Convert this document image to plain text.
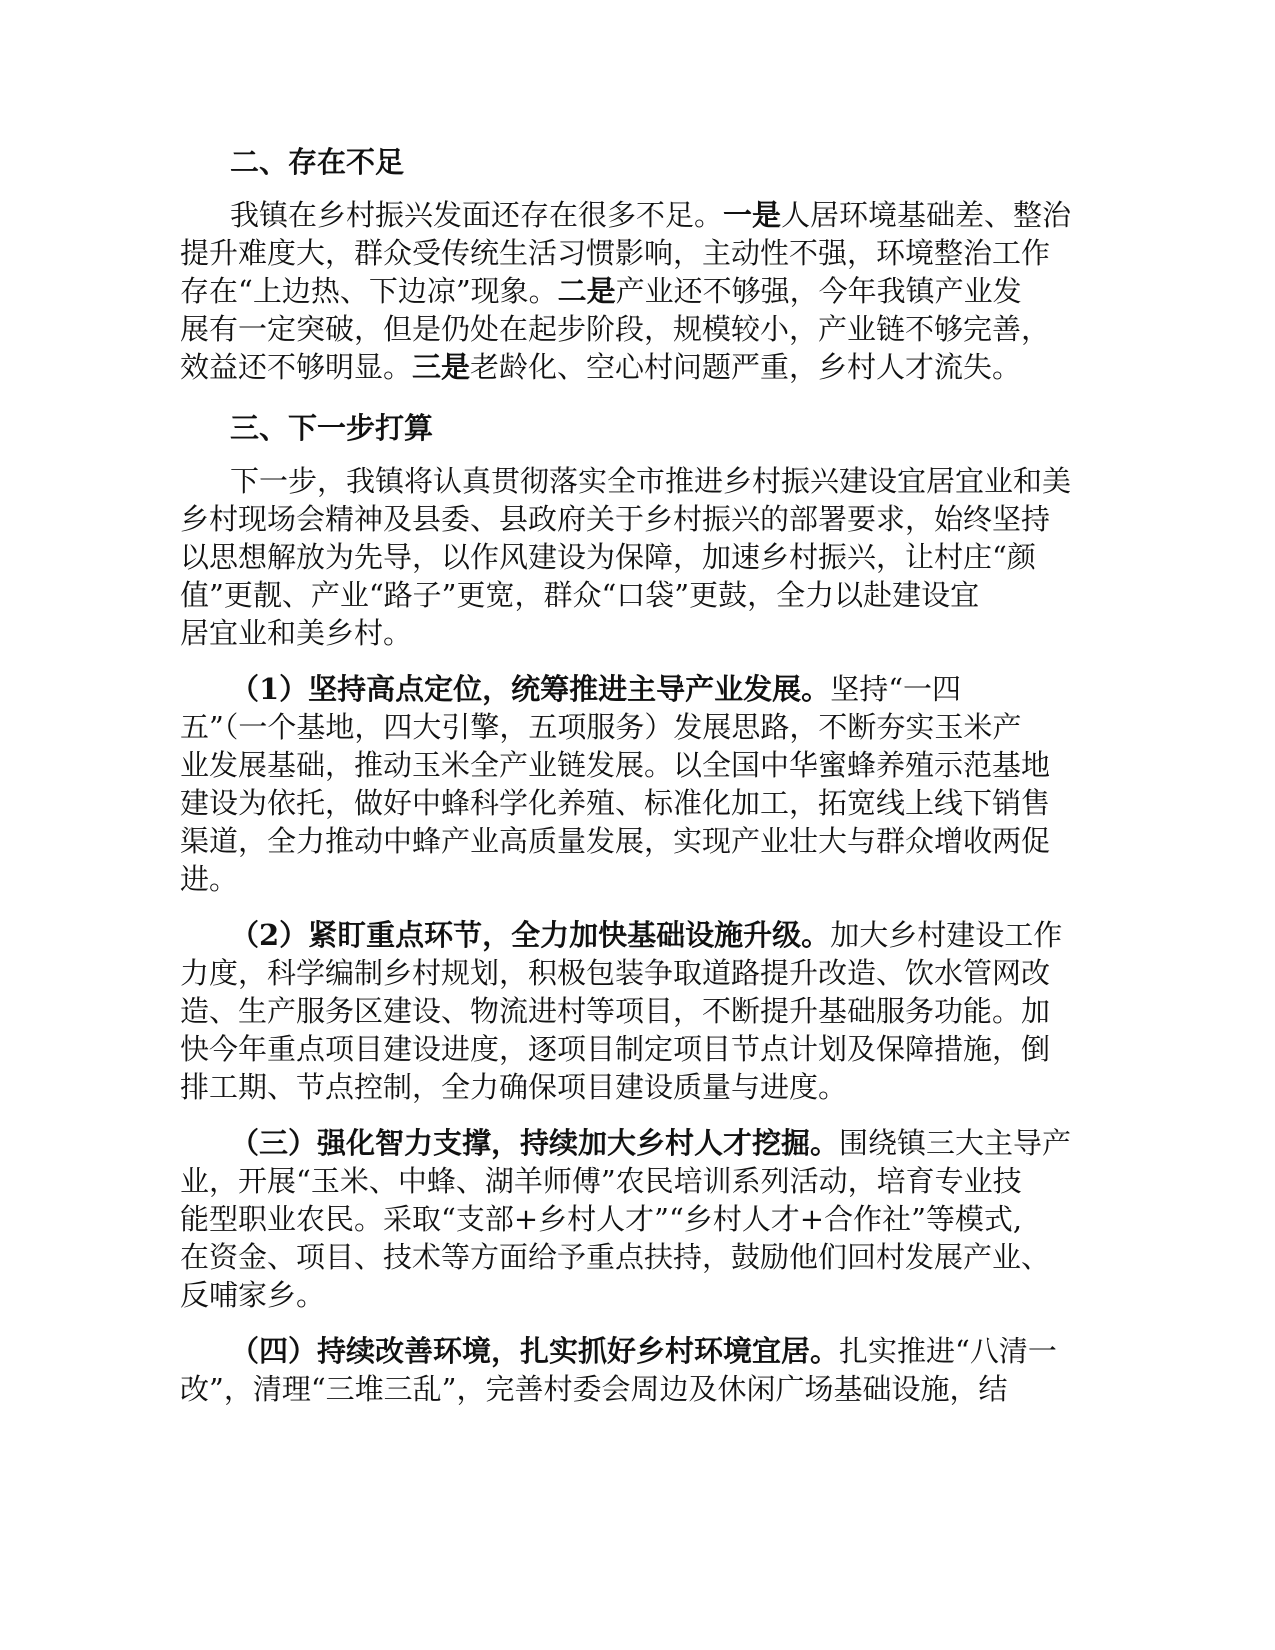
二、存在不足
我镇在乡村振兴发面还存在很多不足。一是人居环境基础差、整治
提升难度大，群众受传统生活习惯影响，主动性不强，环境整治工作
存在“上边热、下边凉”现象。二是产业还不够强，今年我镇产业发
展有一定突破，但是仍处在起步阶段，规模较小，产业链不够完善，
效益还不够明显。三是老龄化、空心村问题严重，乡村人才流失。
三、下一步打算
下一步，我镇将认真贯彻落实全市推进乡村振兴建设宜居宜业和美
乡村现场会精神及县委、县政府关于乡村振兴的部署要求，始终坚持
以思想解放为先导，以作风建设为保障，加速乡村振兴，让村庄“颜
值”更靓、产业“路子”更宽，群众“口袋”更鼓，全力以赴建设宜
居宜业和美乡村。
（1）坚持高点定位，统筹推进主导产业发展。坚持“一四
五”（一个基地，四大引擎，五项服务）发展思路，不断夯实玉米产
业发展基础，推动玉米全产业链发展。以全国中华蜜蜂养殖示范基地
建设为依托，做好中蜂科学化养殖、标准化加工，拓宽线上线下销售
渠道，全力推动中蜂产业高质量发展，实现产业壮大与群众增收两促
进。
（2）紧盯重点环节，全力加快基础设施升级。加大乡村建设工作
力度，科学编制乡村规划，积极包装争取道路提升改造、饮水管网改
造、生产服务区建设、物流进村等项目，不断提升基础服务功能。加
快今年重点项目建设进度，逐项目制定项目节点计划及保障措施，倒
排工期、节点控制，全力确保项目建设质量与进度。
（三）强化智力支撑，持续加大乡村人才挖掘。围绕镇三大主导产
业，开展“玉米、中蜂、湖羊师傅”农民培训系列活动，培育专业技
能型职业农民。采取“支部+乡村人才”“乡村人才+合作社”等模式,
在资金、项目、技术等方面给予重点扶持，鼓励他们回村发展产业、
反哺家乡。
（四）持续改善环境，扎实抓好乡村环境宜居。扎实推进“八清一
改”，清理“三堆三乱”，完善村委会周边及休闲广场基础设施，结
